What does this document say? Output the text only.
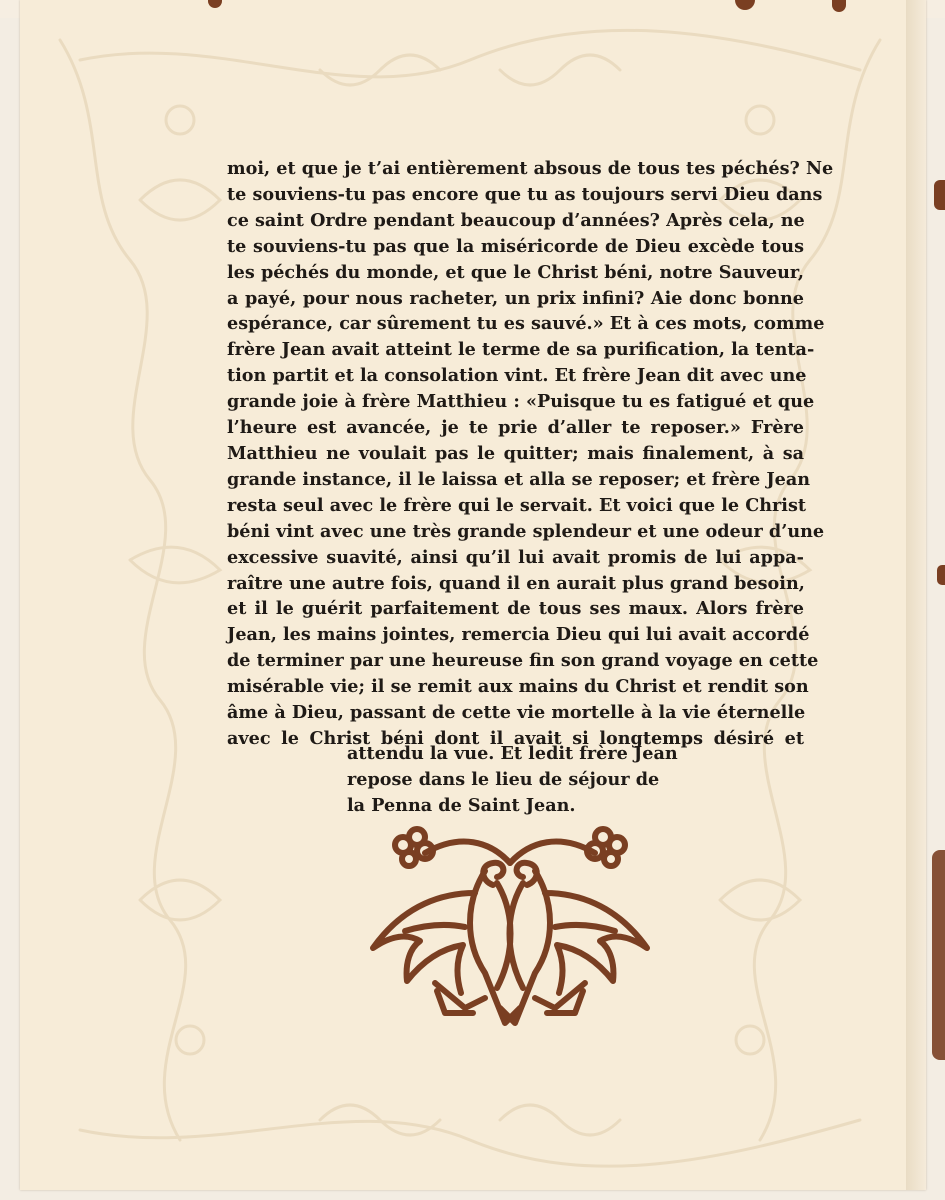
moi, et que je t’ai entièrement absous de tous tes péchés? Ne
te souviens-tu pas encore que tu as toujours servi Dieu dans
ce saint Ordre pendant beaucoup d’années? Après cela, ne
te souviens-tu pas que la miséricorde de Dieu excède tous
les péchés du monde, et que le Christ béni, notre Sauveur,
a payé, pour nous racheter, un prix infini? Aie donc bonne
espérance, car sûrement tu es sauvé.» Et à ces mots, comme
frère Jean avait atteint le terme de sa purification, la tenta-
tion partit et la consolation vint. Et frère Jean dit avec une
grande joie à frère Matthieu : «Puisque tu es fatigué et que
l’heure est avancée, je te prie d’aller te reposer.» Frère
Matthieu ne voulait pas le quitter; mais finalement, à sa
grande instance, il le laissa et alla se reposer; et frère Jean
resta seul avec le frère qui le servait. Et voici que le Christ
béni vint avec une très grande splendeur et une odeur d’une
excessive suavité, ainsi qu’il lui avait promis de lui appa-
raître une autre fois, quand il en aurait plus grand besoin,
et il le guérit parfaitement de tous ses maux. Alors frère
Jean, les mains jointes, remercia Dieu qui lui avait accordé
de terminer par une heureuse fin son grand voyage en cette
misérable vie; il se remit aux mains du Christ et rendit son
âme à Dieu, passant de cette vie mortelle à la vie éternelle
avec le Christ béni dont il avait si longtemps désiré et
attendu la vue. Et ledit frère Jean
repose dans le lieu de séjour de
la Penna de Saint Jean.
